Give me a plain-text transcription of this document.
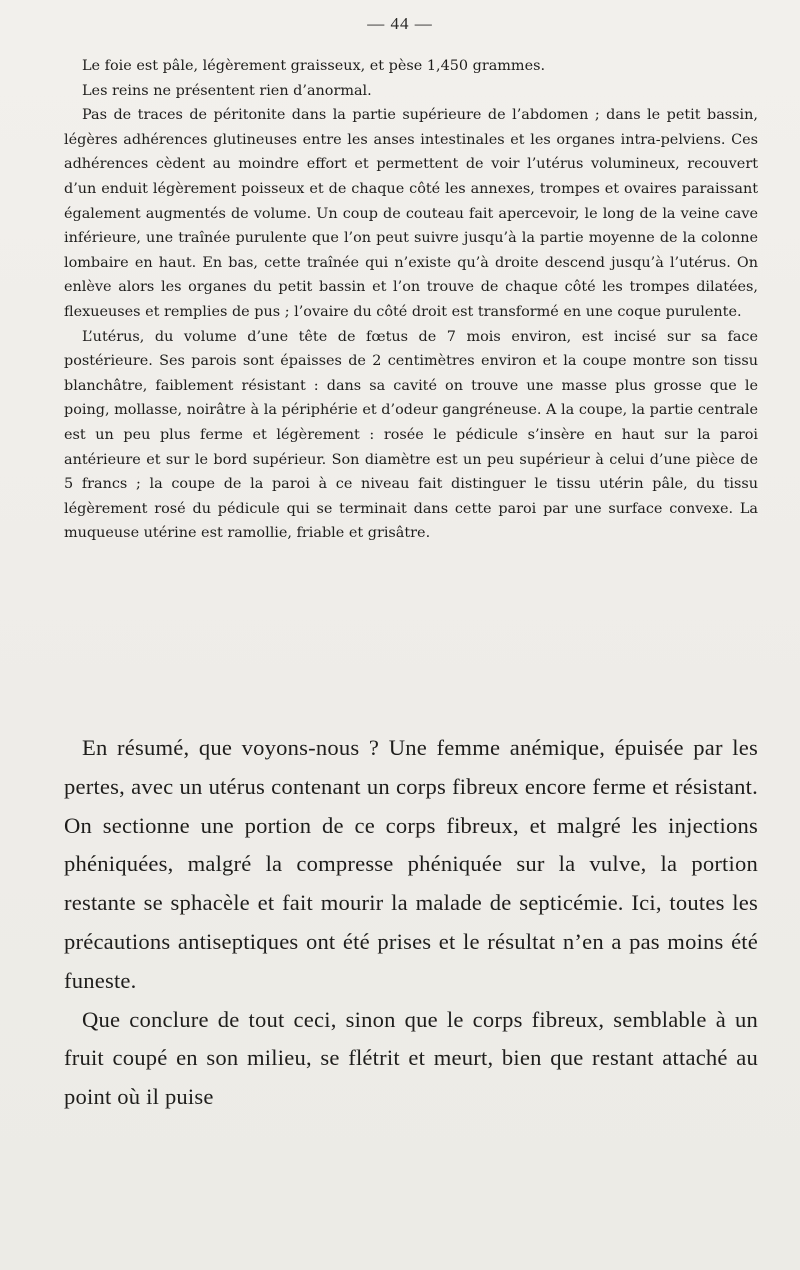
— 44 —

Le foie est pâle, légèrement graisseux, et pèse 1,450 grammes.

Les reins ne présentent rien d’anormal.

Pas de traces de péritonite dans la partie supérieure de l’abdomen ; dans le petit bassin, légères adhérences glutineuses entre les anses intestinales et les organes intra-pelviens. Ces adhérences cèdent au moindre effort et permettent de voir l’utérus volumineux, recouvert d’un enduit légèrement poisseux et de chaque côté les annexes, trompes et ovaires paraissant également augmentés de volume. Un coup de couteau fait apercevoir, le long de la veine cave inférieure, une traînée purulente que l’on peut suivre jusqu’à la partie moyenne de la colonne lombaire en haut. En bas, cette traînée qui n’existe qu’à droite descend jusqu’à l’utérus. On enlève alors les organes du petit bassin et l’on trouve de chaque côté les trompes dilatées, flexueuses et remplies de pus ; l’ovaire du côté droit est transformé en une coque purulente.

L’utérus, du volume d’une tête de fœtus de 7 mois environ, est incisé sur sa face postérieure. Ses parois sont épaisses de 2 centimètres environ et la coupe montre son tissu blanchâtre, faiblement résistant : dans sa cavité on trouve une masse plus grosse que le poing, mollasse, noirâtre à la périphérie et d’odeur gangréneuse. A la coupe, la partie centrale est un peu plus ferme et légèrement : rosée le pédicule s’insère en haut sur la paroi antérieure et sur le bord supérieur. Son diamètre est un peu supérieur à celui d’une pièce de 5 francs ; la coupe de la paroi à ce niveau fait distinguer le tissu utérin pâle, du tissu légèrement rosé du pédicule qui se terminait dans cette paroi par une surface convexe. La muqueuse utérine est ramollie, friable et grisâtre.

En résumé, que voyons-nous ? Une femme anémique, épuisée par les pertes, avec un utérus contenant un corps fibreux encore ferme et résistant. On sectionne une portion de ce corps fibreux, et malgré les injections phéniquées, malgré la compresse phéniquée sur la vulve, la portion restante se sphacèle et fait mourir la malade de septicémie. Ici, toutes les précautions antiseptiques ont été prises et le résultat n’en a pas moins été funeste.

Que conclure de tout ceci, sinon que le corps fibreux, semblable à un fruit coupé en son milieu, se flétrit et meurt, bien que restant attaché au point où il puise
